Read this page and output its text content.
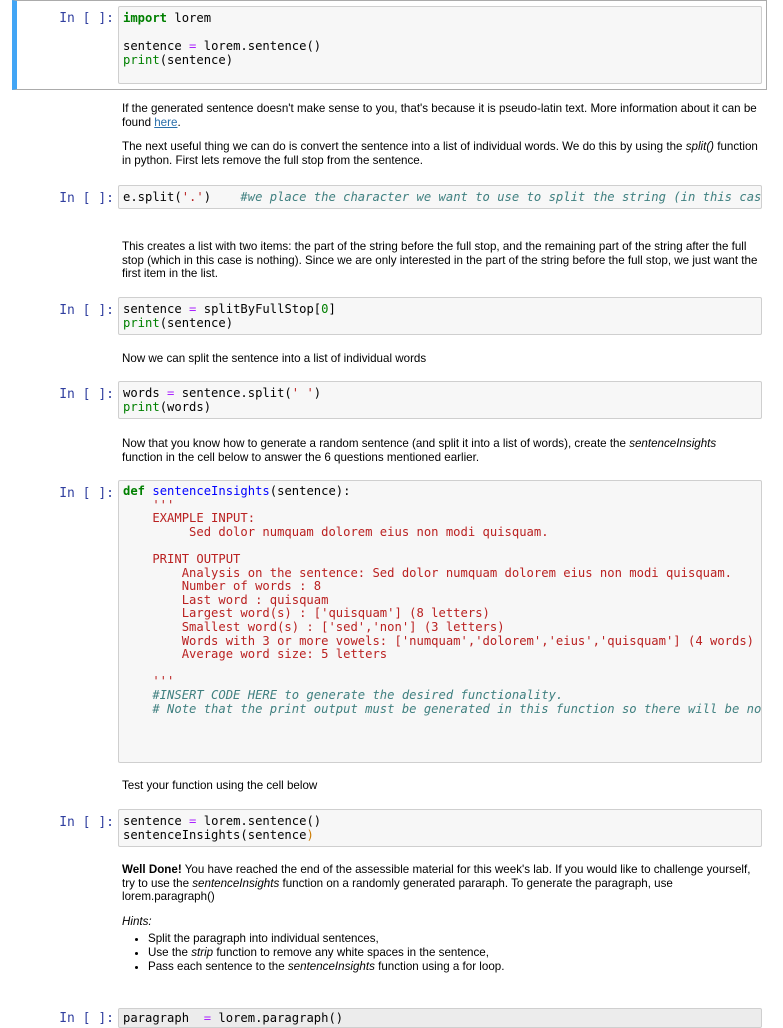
In [ ]: import lorem

sentence = lorem.sentence()
print(sentence)

If the generated sentence doesn't make sense to you, that's because it is pseudo-latin text. More information about it can be found here.

The next useful thing we can do is convert the sentence into a list of individual words. We do this by using the split() function in python. First lets remove the full stop from the sentence.

In [ ]: e.split('.')    #we place the character we want to use to split the string (in this cas

This creates a list with two items: the part of the string before the full stop, and the remaining part of the string after the full stop (which in this case is nothing). Since we are only interested in the part of the string before the full stop, we just want the first item in the list.

In [ ]: sentence = splitByFullStop[0]
print(sentence)

Now we can split the sentence into a list of individual words

In [ ]: words = sentence.split(' ')
print(words)

Now that you know how to generate a random sentence (and split it into a list of words), create the sentenceInsights function in the cell below to answer the 6 questions mentioned earlier.

In [ ]: def sentenceInsights(sentence):
'''
EXAMPLE INPUT:
Sed dolor numquam dolorem eius non modi quisquam.

PRINT OUTPUT
Analysis on the sentence: Sed dolor numquam dolorem eius non modi quisquam.
Number of words : 8
Last word : quisquam
Largest word(s) : ['quisquam'] (8 letters)
Smallest word(s) : ['sed','non'] (3 letters)
Words with 3 or more vowels: ['numquam','dolorem','eius','quisquam'] (4 words)
Average word size: 5 letters

'''
#INSERT CODE HERE to generate the desired functionality.
# Note that the print output must be generated in this function so there will be no

Test your function using the cell below

In [ ]: sentence = lorem.sentence()
sentenceInsights(sentence)

Well Done! You have reached the end of the assessible material for this week's lab. If you would like to challenge yourself, try to use the sentenceInsights function on a randomly generated pararaph. To generate the paragraph, use lorem.paragraph()

Hints:

• Split the paragraph into individual sentences,
• Use the strip function to remove any white spaces in the sentence,
• Pass each sentence to the sentenceInsights function using a for loop.
In [ ]: paragraph  = lorem.paragraph()
